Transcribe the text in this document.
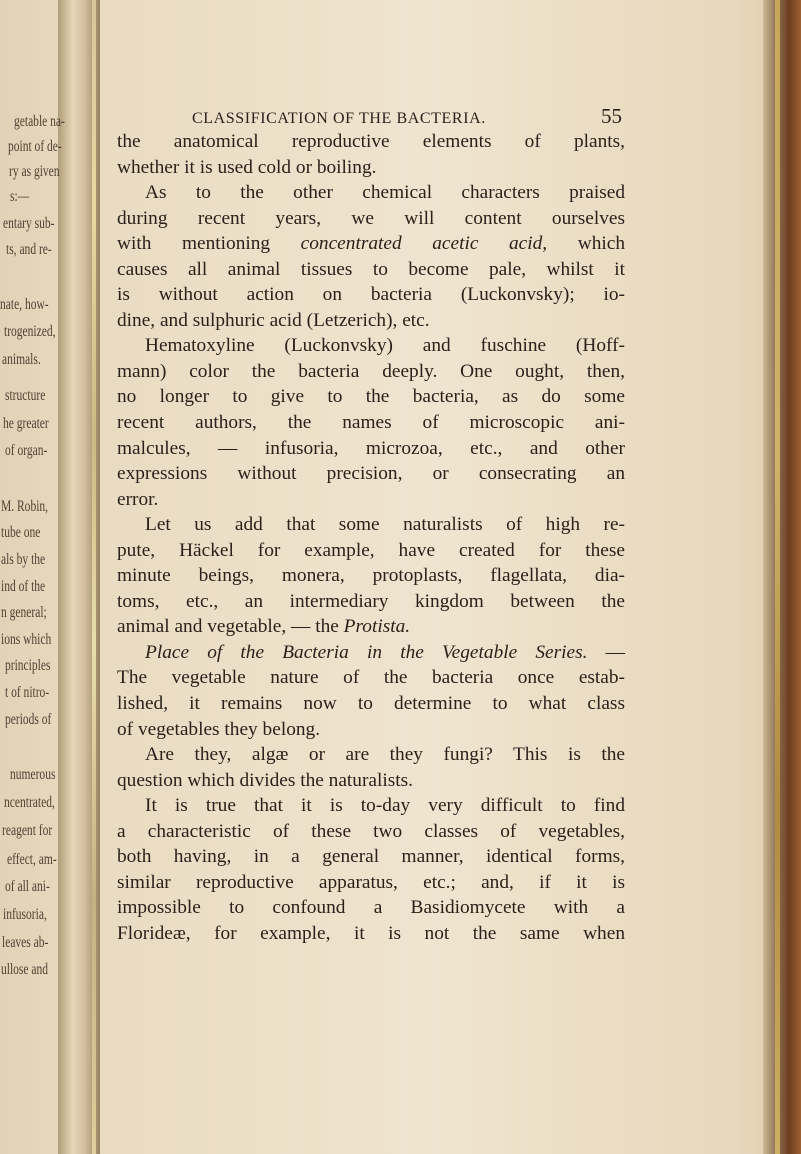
getable na-
point of de-
ry as given
s:—
entary sub-
ts, and re-
nate, how-
trogenized,
animals.
structure
he greater
of organ-
M. Robin,
tube one
als by the
ind of the
n general;
ions which
principles
t of nitro-
periods of
numerous
ncentrated,
reagent for
effect, am-
of all ani-
infusoria,
leaves ab-
ullose and
CLASSIFICATION OF THE BACTERIA.	55
the anatomical reproductive elements of plants,
whether it is used cold or boiling.
As to the other chemical characters praised
during recent years, we will content ourselves
with mentioning concentrated acetic acid, which
causes all animal tissues to become pale, whilst it
is without action on bacteria (Luckonvsky); io-
dine, and sulphuric acid (Letzerich), etc.
Hematoxyline (Luckonvsky) and fuschine (Hoff-
mann) color the bacteria deeply. One ought, then,
no longer to give to the bacteria, as do some
recent authors, the names of microscopic ani-
malcules, — infusoria, microzoa, etc., and other
expressions without precision, or consecrating an
error.
Let us add that some naturalists of high re-
pute, Häckel for example, have created for these
minute beings, monera, protoplasts, flagellata, dia-
toms, etc., an intermediary kingdom between the
animal and vegetable, — the Protista.
Place of the Bacteria in the Vegetable Series. —
The vegetable nature of the bacteria once estab-
lished, it remains now to determine to what class
of vegetables they belong.
Are they, algæ or are they fungi? This is the
question which divides the naturalists.
It is true that it is to-day very difficult to find
a characteristic of these two classes of vegetables,
both having, in a general manner, identical forms,
similar reproductive apparatus, etc.; and, if it is
impossible to confound a Basidiomycete with a
Florideæ, for example, it is not the same when
